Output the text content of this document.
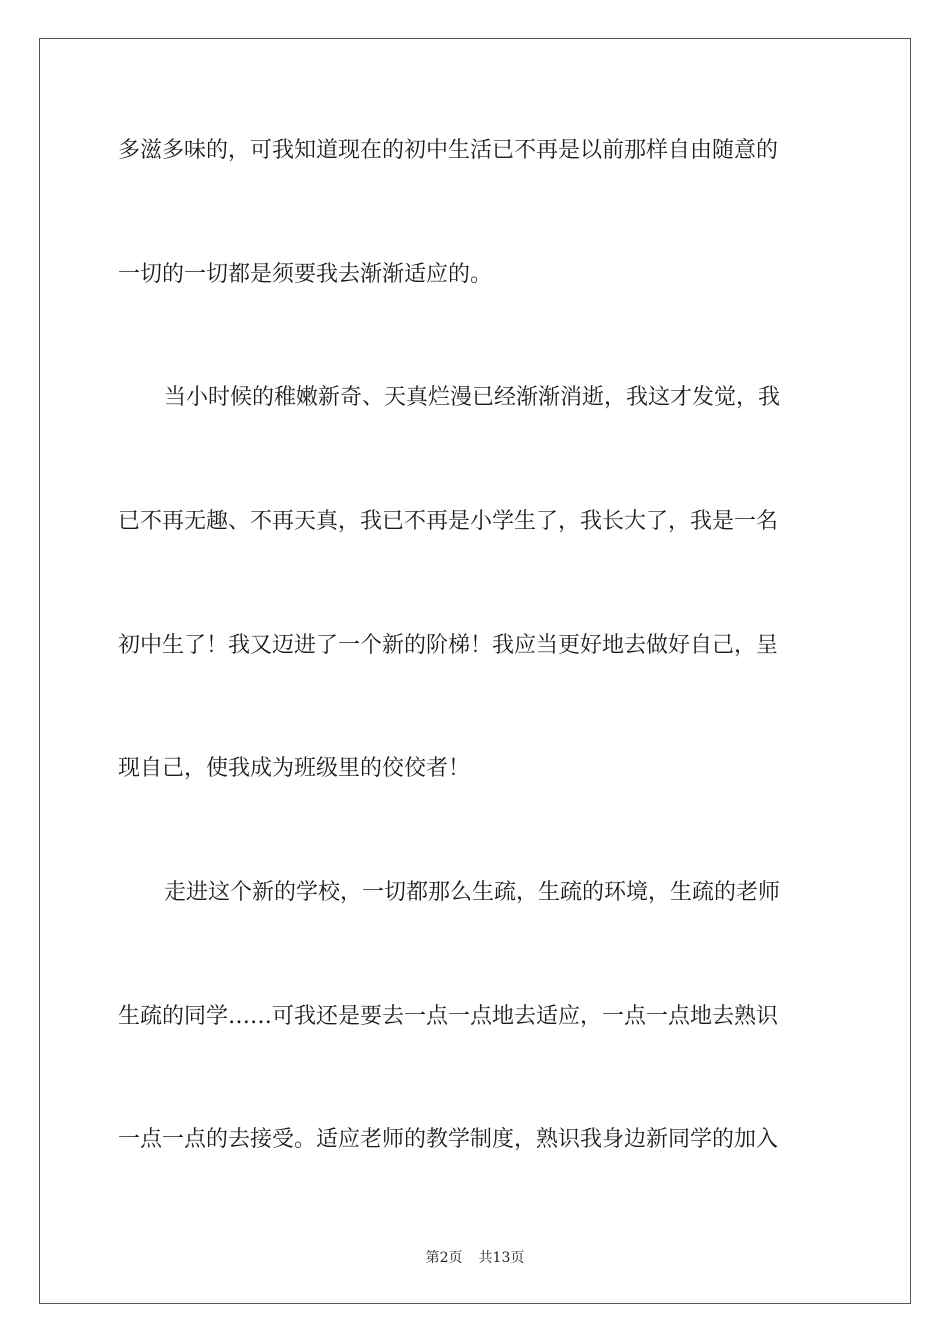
多滋多味的，可我知道现在的初中生活已不再是以前那样自由随意的
一切的一切都是须要我去渐渐适应的。
当小时候的稚嫩新奇、天真烂漫已经渐渐消逝，我这才发觉，我
已不再无趣、不再天真，我已不再是小学生了，我长大了，我是一名
初中生了！我又迈进了一个新的阶梯！我应当更好地去做好自己，呈
现自己，使我成为班级里的佼佼者！
走进这个新的学校，一切都那么生疏，生疏的环境，生疏的老师
生疏的同学……可我还是要去一点一点地去适应，一点一点地去熟识
一点一点的去接受。适应老师的教学制度，熟识我身边新同学的加入
第2页 共13页
